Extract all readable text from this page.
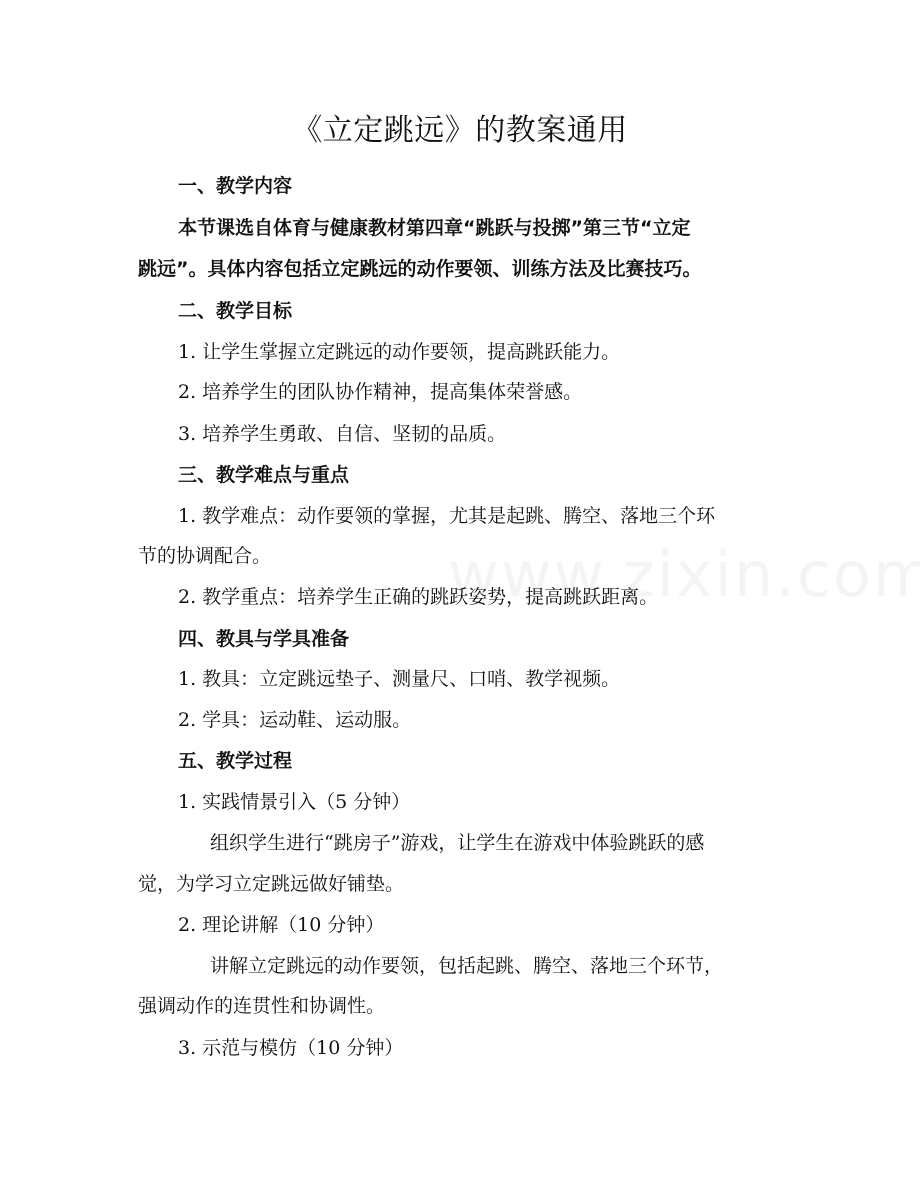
《立定跳远》的教案通用
一、教学内容
本节课选自体育与健康教材第四章“跳跃与投掷”第三节“立定
跳远”。具体内容包括立定跳远的动作要领、训练方法及比赛技巧。
二、教学目标
1. 让学生掌握立定跳远的动作要领，提高跳跃能力。
2. 培养学生的团队协作精神，提高集体荣誉感。
3. 培养学生勇敢、自信、坚韧的品质。
三、教学难点与重点
1. 教学难点：动作要领的掌握，尤其是起跳、腾空、落地三个环
节的协调配合。
2. 教学重点：培养学生正确的跳跃姿势，提高跳跃距离。
四、教具与学具准备
1. 教具：立定跳远垫子、测量尺、口哨、教学视频。
2. 学具：运动鞋、运动服。
五、教学过程
1. 实践情景引入（5 分钟）
组织学生进行“跳房子”游戏，让学生在游戏中体验跳跃的感
觉，为学习立定跳远做好铺垫。
2. 理论讲解（10 分钟）
讲解立定跳远的动作要领，包括起跳、腾空、落地三个环节，
强调动作的连贯性和协调性。
3. 示范与模仿（10 分钟）
